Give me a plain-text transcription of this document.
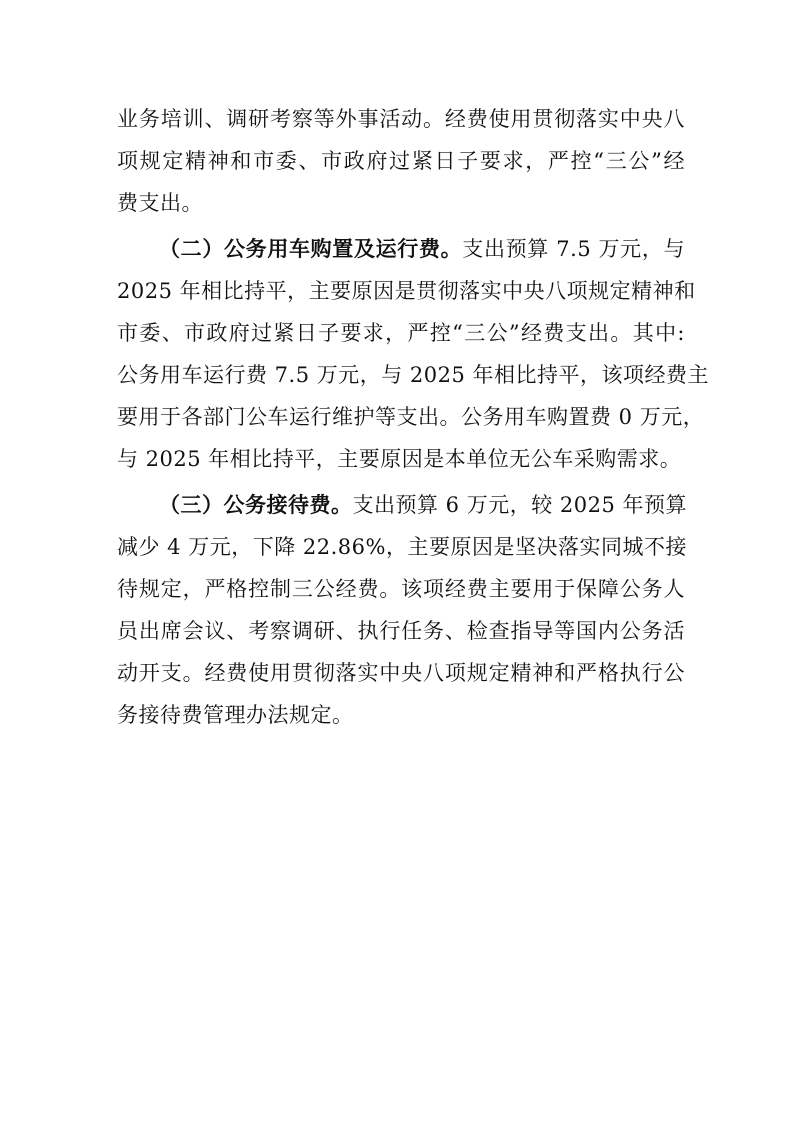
业务培训、调研考察等外事活动。经费使用贯彻落实中央八
项规定精神和市委、市政府过紧日子要求，严控“三公”经
费支出。
（二）公务用车购置及运行费。支出预算 7.5 万元，与
2025 年相比持平，主要原因是贯彻落实中央八项规定精神和
市委、市政府过紧日子要求，严控“三公”经费支出。其中:
公务用车运行费 7.5 万元，与 2025 年相比持平，该项经费主
要用于各部门公车运行维护等支出。公务用车购置费 0 万元，
与 2025 年相比持平，主要原因是本单位无公车采购需求。
（三）公务接待费。支出预算 6 万元，较 2025 年预算
减少 4 万元，下降 22.86%，主要原因是坚决落实同城不接
待规定，严格控制三公经费。该项经费主要用于保障公务人
员出席会议、考察调研、执行任务、检查指导等国内公务活
动开支。经费使用贯彻落实中央八项规定精神和严格执行公
务接待费管理办法规定。
